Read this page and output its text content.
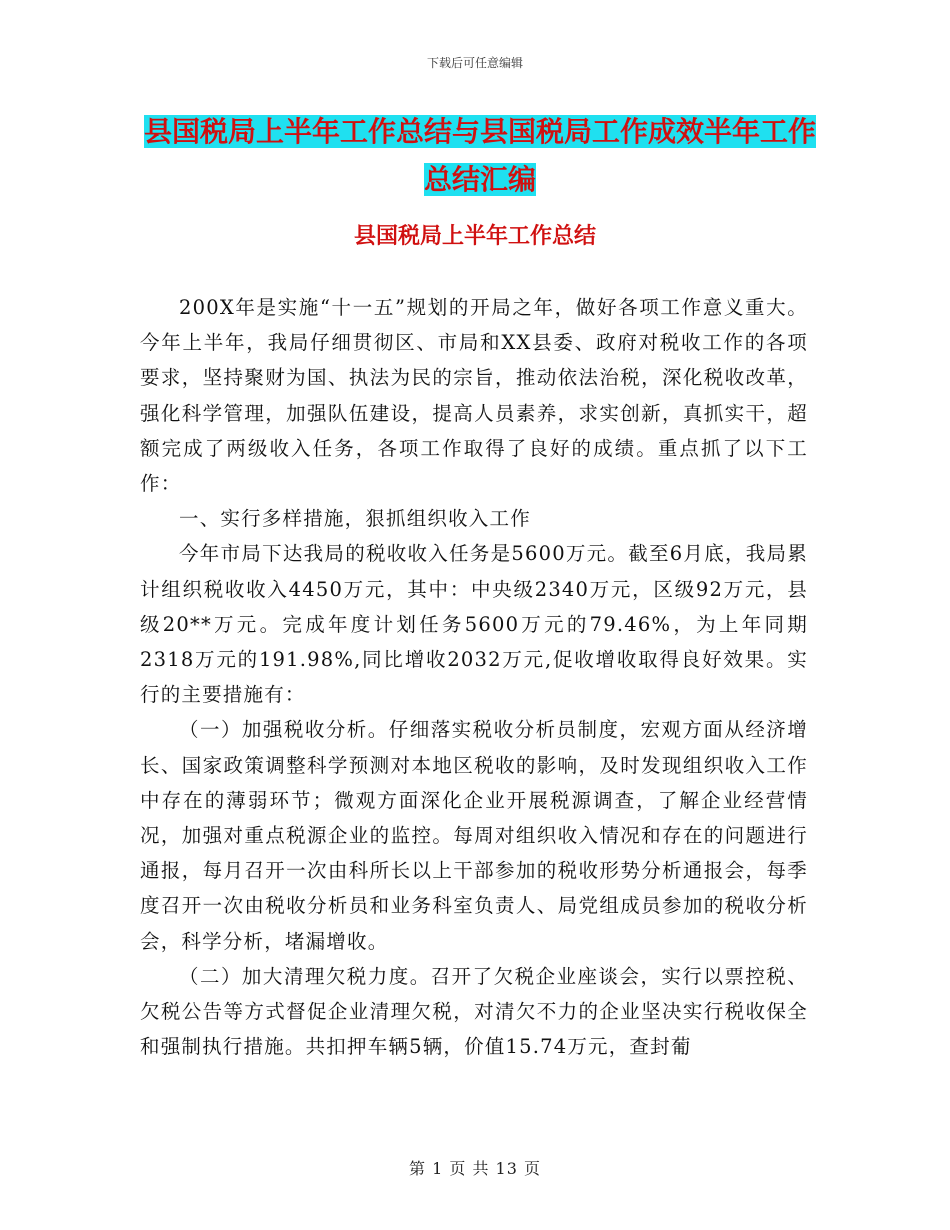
下载后可任意编辑
县国税局上半年工作总结与县国税局工作成效半年工作总结汇编
县国税局上半年工作总结

200X年是实施“十一五”规划的开局之年，做好各项工作意义重大。今年上半年，我局仔细贯彻区、市局和XX县委、政府对税收工作的各项要求，坚持聚财为国、执法为民的宗旨，推动依法治税，深化税收改革，强化科学管理，加强队伍建设，提高人员素养，求实创新，真抓实干，超额完成了两级收入任务，各项工作取得了良好的成绩。重点抓了以下工作：

一、实行多样措施，狠抓组织收入工作

今年市局下达我局的税收收入任务是5600万元。截至6月底，我局累计组织税收收入4450万元，其中：中央级2340万元，区级92万元，县级20**万元。完成年度计划任务5600万元的79.46%，为上年同期2318万元的191.98%,同比增收2032万元,促收增收取得良好效果。实行的主要措施有：

（一）加强税收分析。仔细落实税收分析员制度，宏观方面从经济增长、国家政策调整科学预测对本地区税收的影响，及时发现组织收入工作中存在的薄弱环节；微观方面深化企业开展税源调查，了解企业经营情况，加强对重点税源企业的监控。每周对组织收入情况和存在的问题进行通报，每月召开一次由科所长以上干部参加的税收形势分析通报会，每季度召开一次由税收分析员和业务科室负责人、局党组成员参加的税收分析会，科学分析，堵漏增收。

（二）加大清理欠税力度。召开了欠税企业座谈会，实行以票控税、欠税公告等方式督促企业清理欠税，对清欠不力的企业坚决实行税收保全和强制执行措施。共扣押车辆5辆，价值15.74万元，查封葡

第 1 页 共 13 页
